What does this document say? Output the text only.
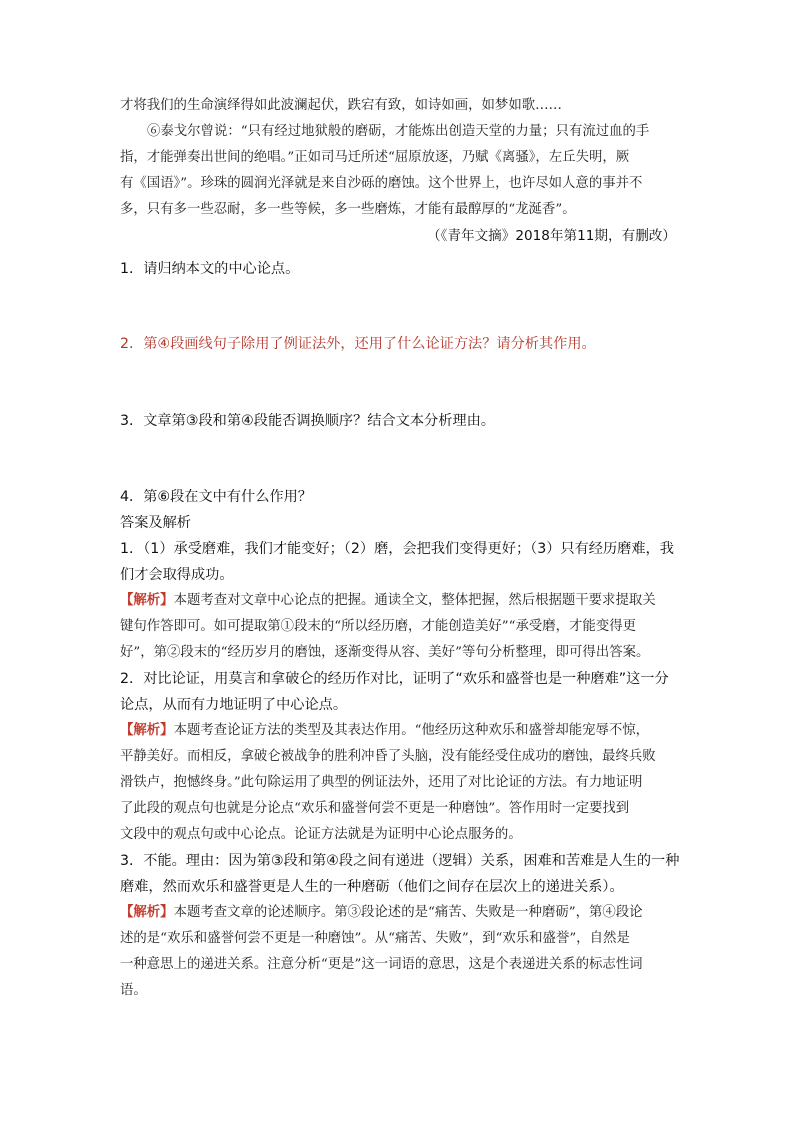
才将我们的生命演绎得如此波澜起伏，跌宕有致，如诗如画，如梦如歌……

⑥泰戈尔曾说：“只有经过地狱般的磨砺，才能炼出创造天堂的力量；只有流过血的手

指，才能弹奏出世间的绝唱。”正如司马迁所述“屈原放逐，乃赋《离骚》，左丘失明，厥

有《国语》”。珍珠的圆润光泽就是来自沙砾的磨蚀。这个世界上，也许尽如人意的事并不

多，只有多一些忍耐，多一些等候，多一些磨炼，才能有最醇厚的“龙涎香”。

（《青年文摘》2018年第11期，有删改）

1．请归纳本文的中心论点。

2．第④段画线句子除用了例证法外，还用了什么论证方法？请分析其作用。

3．文章第③段和第④段能否调换顺序？结合文本分析理由。

4．第⑥段在文中有什么作用？

答案及解析

1．（1）承受磨难，我们才能变好；（2）磨，会把我们变得更好；（3）只有经历磨难，我

们才会取得成功。

【解析】本题考查对文章中心论点的把握。通读全文，整体把握，然后根据题干要求提取关

键句作答即可。如可提取第①段末的“所以经历磨，才能创造美好”“承受磨，才能变得更

好”，第②段末的“经历岁月的磨蚀，逐渐变得从容、美好”等句分析整理，即可得出答案。

2．对比论证，用莫言和拿破仑的经历作对比，证明了“欢乐和盛誉也是一种磨难”这一分

论点，从而有力地证明了中心论点。

【解析】本题考查论证方法的类型及其表达作用。“他经历这种欢乐和盛誉却能宠辱不惊，

平静美好。而相反，拿破仑被战争的胜利冲昏了头脑，没有能经受住成功的磨蚀，最终兵败

滑铁卢，抱憾终身。”此句除运用了典型的例证法外，还用了对比论证的方法。有力地证明

了此段的观点句也就是分论点“欢乐和盛誉何尝不更是一种磨蚀”。答作用时一定要找到

文段中的观点句或中心论点。论证方法就是为证明中心论点服务的。

3．不能。理由：因为第③段和第④段之间有递进（逻辑）关系，困难和苦难是人生的一种

磨难，然而欢乐和盛誉更是人生的一种磨砺（他们之间存在层次上的递进关系）。

【解析】本题考查文章的论述顺序。第③段论述的是“痛苦、失败是一种磨砺”，第④段论

述的是“欢乐和盛誉何尝不更是一种磨蚀”。从“痛苦、失败”，到“欢乐和盛誉”，自然是

一种意思上的递进关系。注意分析“更是”这一词语的意思，这是个表递进关系的标志性词

语。
